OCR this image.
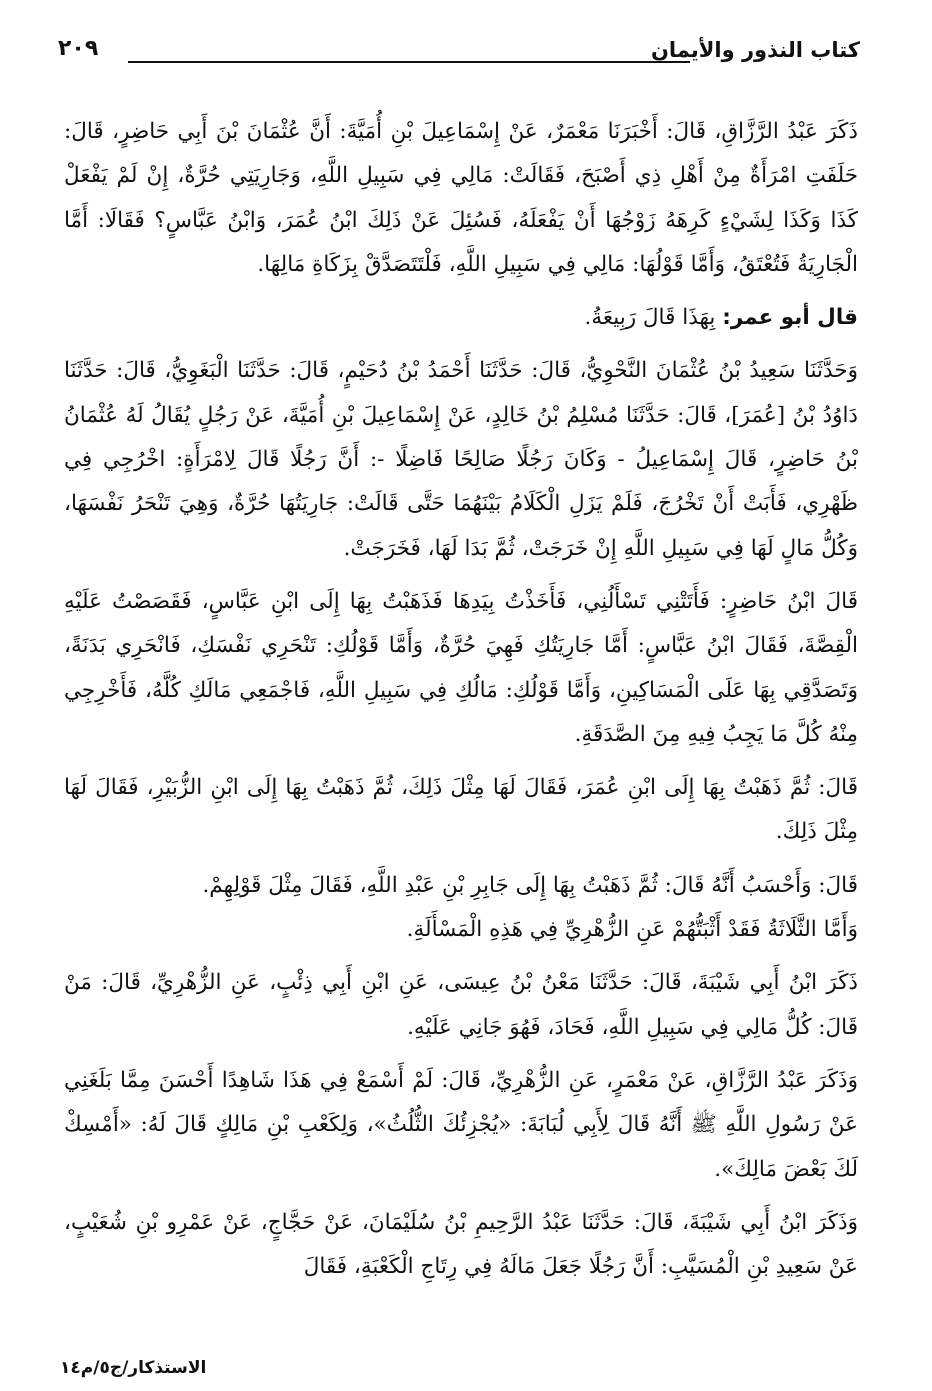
كتاب النذور والأيمان
٢٠٩

ذَكَرَ عَبْدُ الرَّزَّاقِ، قَالَ: أَخْبَرَنَا مَعْمَرٌ، عَنْ إِسْمَاعِيلَ بْنِ أُمَيَّةَ: أَنَّ عُثْمَانَ بْنَ أَبِي حَاضِرٍ، قَالَ: حَلَفَتِ امْرَأَةٌ مِنْ أَهْلِ ذِي أَصْبَحَ، فَقَالَتْ: مَالِي فِي سَبِيلِ اللَّهِ، وَجَارِيَتِي حُرَّةٌ، إِنْ لَمْ يَفْعَلْ كَذَا وَكَذَا لِشَيْءٍ كَرِهَهُ زَوْجُهَا أَنْ يَفْعَلَهُ، فَسُئِلَ عَنْ ذَلِكَ ابْنُ عُمَرَ، وَابْنُ عَبَّاسٍ؟ فَقَالَا: أَمَّا الْجَارِيَةُ فَتُعْتَقُ، وَأَمَّا قَوْلُهَا: مَالِي فِي سَبِيلِ اللَّهِ، فَلْتَتَصَدَّقْ بِزَكَاةِ مَالِهَا.

قال أبو عمر: بِهَذَا قَالَ رَبِيعَةُ.

وَحَدَّثَنَا سَعِيدُ بْنُ عُثْمَانَ النَّحْوِيُّ، قَالَ: حَدَّثَنَا أَحْمَدُ بْنُ دُحَيْمٍ، قَالَ: حَدَّثَنَا الْبَغَوِيُّ، قَالَ: حَدَّثَنَا دَاوُدُ بْنُ [عُمَرَ]، قَالَ: حَدَّثَنَا مُسْلِمُ بْنُ خَالِدٍ، عَنْ إِسْمَاعِيلَ بْنِ أُمَيَّةَ، عَنْ رَجُلٍ يُقَالُ لَهُ عُثْمَانُ بْنُ حَاضِرٍ، قَالَ إِسْمَاعِيلُ - وَكَانَ رَجُلًا صَالِحًا فَاضِلًا -: أَنَّ رَجُلًا قَالَ لِامْرَأَةٍ: اخْرُجِي فِي ظَهْرِي، فَأَبَتْ أَنْ تَخْرُجَ، فَلَمْ يَزَلِ الْكَلَامُ بَيْنَهُمَا حَتَّى قَالَتْ: جَارِيَتُهَا حُرَّةٌ، وَهِيَ تَنْحَرُ نَفْسَهَا، وَكُلُّ مَالٍ لَهَا فِي سَبِيلِ اللَّهِ إِنْ خَرَجَتْ، ثُمَّ بَدَا لَهَا، فَخَرَجَتْ.

قَالَ ابْنُ حَاضِرٍ: فَأَتَتْنِي تَسْأَلُنِي، فَأَخَذْتُ بِيَدِهَا فَذَهَبْتُ بِهَا إِلَى ابْنِ عَبَّاسٍ، فَقَصَصْتُ عَلَيْهِ الْقِصَّةَ، فَقَالَ ابْنُ عَبَّاسٍ: أَمَّا جَارِيَتُكِ فَهِيَ حُرَّةٌ، وَأَمَّا قَوْلُكِ: تَنْحَرِي نَفْسَكِ، فَانْحَرِي بَدَنَةً، وَتَصَدَّقِي بِهَا عَلَى الْمَسَاكِينِ، وَأَمَّا قَوْلُكِ: مَالُكِ فِي سَبِيلِ اللَّهِ، فَاجْمَعِي مَالَكِ كُلَّهُ، فَأَخْرِجِي مِنْهُ كُلَّ مَا يَجِبُ فِيهِ مِنَ الصَّدَقَةِ.

قَالَ: ثُمَّ ذَهَبْتُ بِهَا إِلَى ابْنِ عُمَرَ، فَقَالَ لَهَا مِثْلَ ذَلِكَ، ثُمَّ ذَهَبْتُ بِهَا إِلَى ابْنِ الزُّبَيْرِ، فَقَالَ لَهَا مِثْلَ ذَلِكَ.

قَالَ: وَأَحْسَبُ أَنَّهُ قَالَ: ثُمَّ ذَهَبْتُ بِهَا إِلَى جَابِرِ بْنِ عَبْدِ اللَّهِ، فَقَالَ مِثْلَ قَوْلِهِمْ.

وَأَمَّا الثَّلَاثَةُ فَقَدْ أَثْبَتُّهُمْ عَنِ الزُّهْرِيِّ فِي هَذِهِ الْمَسْأَلَةِ.

ذَكَرَ ابْنُ أَبِي شَيْبَةَ، قَالَ: حَدَّثَنَا مَعْنُ بْنُ عِيسَى، عَنِ ابْنِ أَبِي ذِئْبٍ، عَنِ الزُّهْرِيِّ، قَالَ: مَنْ قَالَ: كُلُّ مَالِي فِي سَبِيلِ اللَّهِ، فَحَادَ، فَهُوَ جَانِي عَلَيْهِ.

وَذَكَرَ عَبْدُ الرَّزَّاقِ، عَنْ مَعْمَرٍ، عَنِ الزُّهْرِيِّ، قَالَ: لَمْ أَسْمَعْ فِي هَذَا شَاهِدًا أَحْسَنَ مِمَّا بَلَغَنِي عَنْ رَسُولِ اللَّهِ ﷺ أَنَّهُ قَالَ لِأَبِي لُبَابَةَ: «يُجْزِئُكَ الثُّلُثُ»، وَلِكَعْبِ بْنِ مَالِكٍ قَالَ لَهُ: «أَمْسِكْ لَكَ بَعْضَ مَالِكَ».

وَذَكَرَ ابْنُ أَبِي شَيْبَةَ، قَالَ: حَدَّثَنَا عَبْدُ الرَّحِيمِ بْنُ سُلَيْمَانَ، عَنْ حَجَّاجٍ، عَنْ عَمْرِو بْنِ شُعَيْبٍ، عَنْ سَعِيدِ بْنِ الْمُسَيَّبِ: أَنَّ رَجُلًا جَعَلَ مَالَهُ فِي رِتَاجِ الْكَعْبَةِ، فَقَالَ

الاستذكار/ج٥/م١٤
